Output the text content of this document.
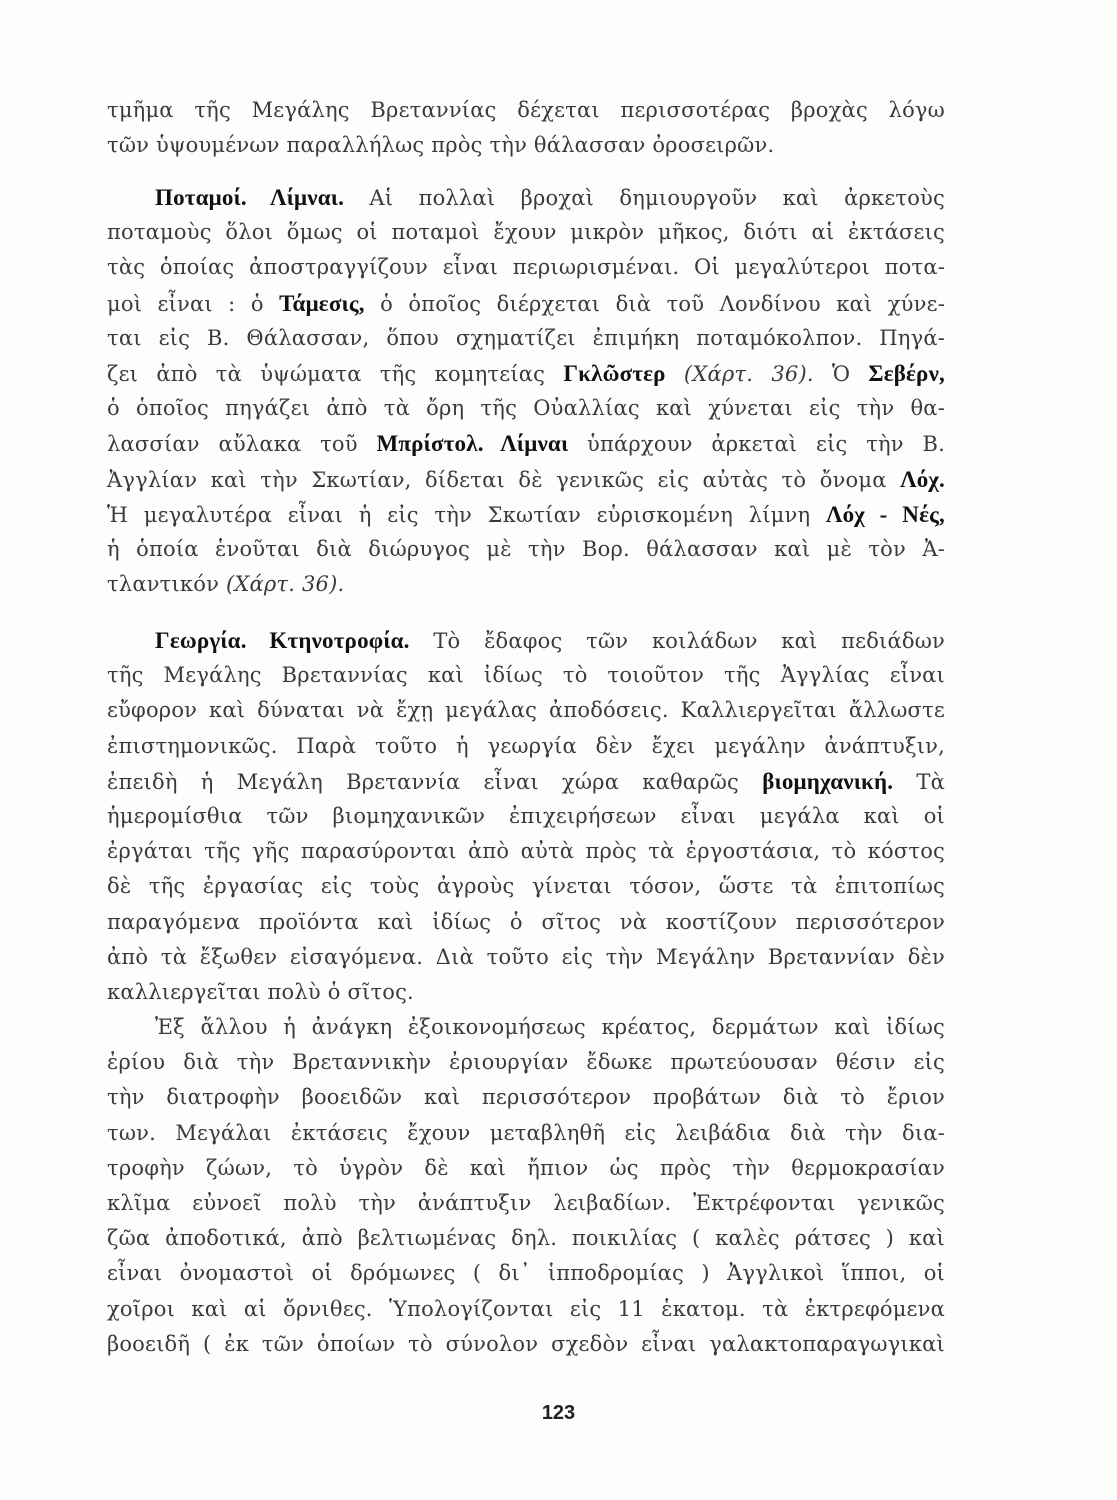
τμῆμα τῆς Μεγάλης Βρεταννίας δέχεται περισσοτέρας βροχὰς λόγω
τῶν ὑψουμένων παραλλήλως πρὸς τὴν θάλασσαν ὀροσειρῶν.
Ποταμοί. Λίμναι. Αἱ πολλαὶ βροχαὶ δημιουργοῦν καὶ ἀρκετοὺς
ποταμοὺς ὅλοι ὅμως οἱ ποταμοὶ ἔχουν μικρὸν μῆκος, διότι αἱ ἐκτάσεις
τὰς ὁποίας ἀποστραγγίζουν εἶναι περιωρισμέναι. Οἱ μεγαλύτεροι ποτα-
μοὶ εἶναι : ὁ Τάμεσις, ὁ ὁποῖος διέρχεται διὰ τοῦ Λονδίνου καὶ χύνε-
ται εἰς Β. Θάλασσαν, ὅπου σχηματίζει ἐπιμήκη ποταμόκολπον. Πηγά-
ζει ἀπὸ τὰ ὑψώματα τῆς κομητείας Γκλῶστερ (Χάρτ. 36). Ὁ Σεβέρν,
ὁ ὁποῖος πηγάζει ἀπὸ τὰ ὄρη τῆς Οὐαλλίας καὶ χύνεται εἰς τὴν θα-
λασσίαν αὔλακα τοῦ Μπρίστολ. Λίμναι ὑπάρχουν ἀρκεταὶ εἰς τὴν Β.
Ἀγγλίαν καὶ τὴν Σκωτίαν, δίδεται δὲ γενικῶς εἰς αὐτὰς τὸ ὄνομα Λόχ.
Ἡ μεγαλυτέρα εἶναι ἡ εἰς τὴν Σκωτίαν εὑρισκομένη λίμνη Λόχ - Νές,
ἡ ὁποία ἑνοῦται διὰ διώρυγος μὲ τὴν Βορ. θάλασσαν καὶ μὲ τὸν Ἀ-
τλαντικόν (Χάρτ. 36).
Γεωργία. Κτηνοτροφία. Τὸ ἔδαφος τῶν κοιλάδων καὶ πεδιάδων
τῆς Μεγάλης Βρεταννίας καὶ ἰδίως τὸ τοιοῦτον τῆς Ἀγγλίας εἶναι
εὔφορον καὶ δύναται νὰ ἔχῃ μεγάλας ἀποδόσεις. Καλλιεργεῖται ἄλλωστε
ἐπιστημονικῶς. Παρὰ τοῦτο ἡ γεωργία δὲν ἔχει μεγάλην ἀνάπτυξιν,
ἐπειδὴ ἡ Μεγάλη Βρεταννία εἶναι χώρα καθαρῶς βιομηχανική. Τὰ
ἡμερομίσθια τῶν βιομηχανικῶν ἐπιχειρήσεων εἶναι μεγάλα καὶ οἱ
ἐργάται τῆς γῆς παρασύρονται ἀπὸ αὐτὰ πρὸς τὰ ἐργοστάσια, τὸ κόστος
δὲ τῆς ἐργασίας εἰς τοὺς ἀγροὺς γίνεται τόσον, ὥστε τὰ ἐπιτοπίως
παραγόμενα προϊόντα καὶ ἰδίως ὁ σῖτος νὰ κοστίζουν περισσότερον
ἀπὸ τὰ ἔξωθεν εἰσαγόμενα. Διὰ τοῦτο εἰς τὴν Μεγάλην Βρεταννίαν δὲν
καλλιεργεῖται πολὺ ὁ σῖτος.
Ἐξ ἄλλου ἡ ἀνάγκη ἐξοικονομήσεως κρέατος, δερμάτων καὶ ἰδίως
ἐρίου διὰ τὴν Βρεταννικὴν ἐριουργίαν ἔδωκε πρωτεύουσαν θέσιν εἰς
τὴν διατροφὴν βοοειδῶν καὶ περισσότερον προβάτων διὰ τὸ ἔριον
των. Μεγάλαι ἐκτάσεις ἔχουν μεταβληθῆ εἰς λειβάδια διὰ τὴν δια-
τροφὴν ζώων, τὸ ὑγρὸν δὲ καὶ ἤπιον ὡς πρὸς τὴν θερμοκρασίαν
κλῖμα εὐνοεῖ πολὺ τὴν ἀνάπτυξιν λειβαδίων. Ἐκτρέφονται γενικῶς
ζῶα ἀποδοτικά, ἀπὸ βελτιωμένας δηλ. ποικιλίας ( καλὲς ράτσες ) καὶ
εἶναι ὀνομαστοὶ οἱ δρόμωνες ( δι᾿ ἱπποδρομίας ) Ἀγγλικοὶ ἵπποι, οἱ
χοῖροι καὶ αἱ ὄρνιθες. Ὑπολογίζονται εἰς 11 ἑκατομ. τὰ ἐκτρεφόμενα
βοοειδῆ ( ἐκ τῶν ὁποίων τὸ σύνολον σχεδὸν εἶναι γαλακτοπαραγωγικαὶ
123
